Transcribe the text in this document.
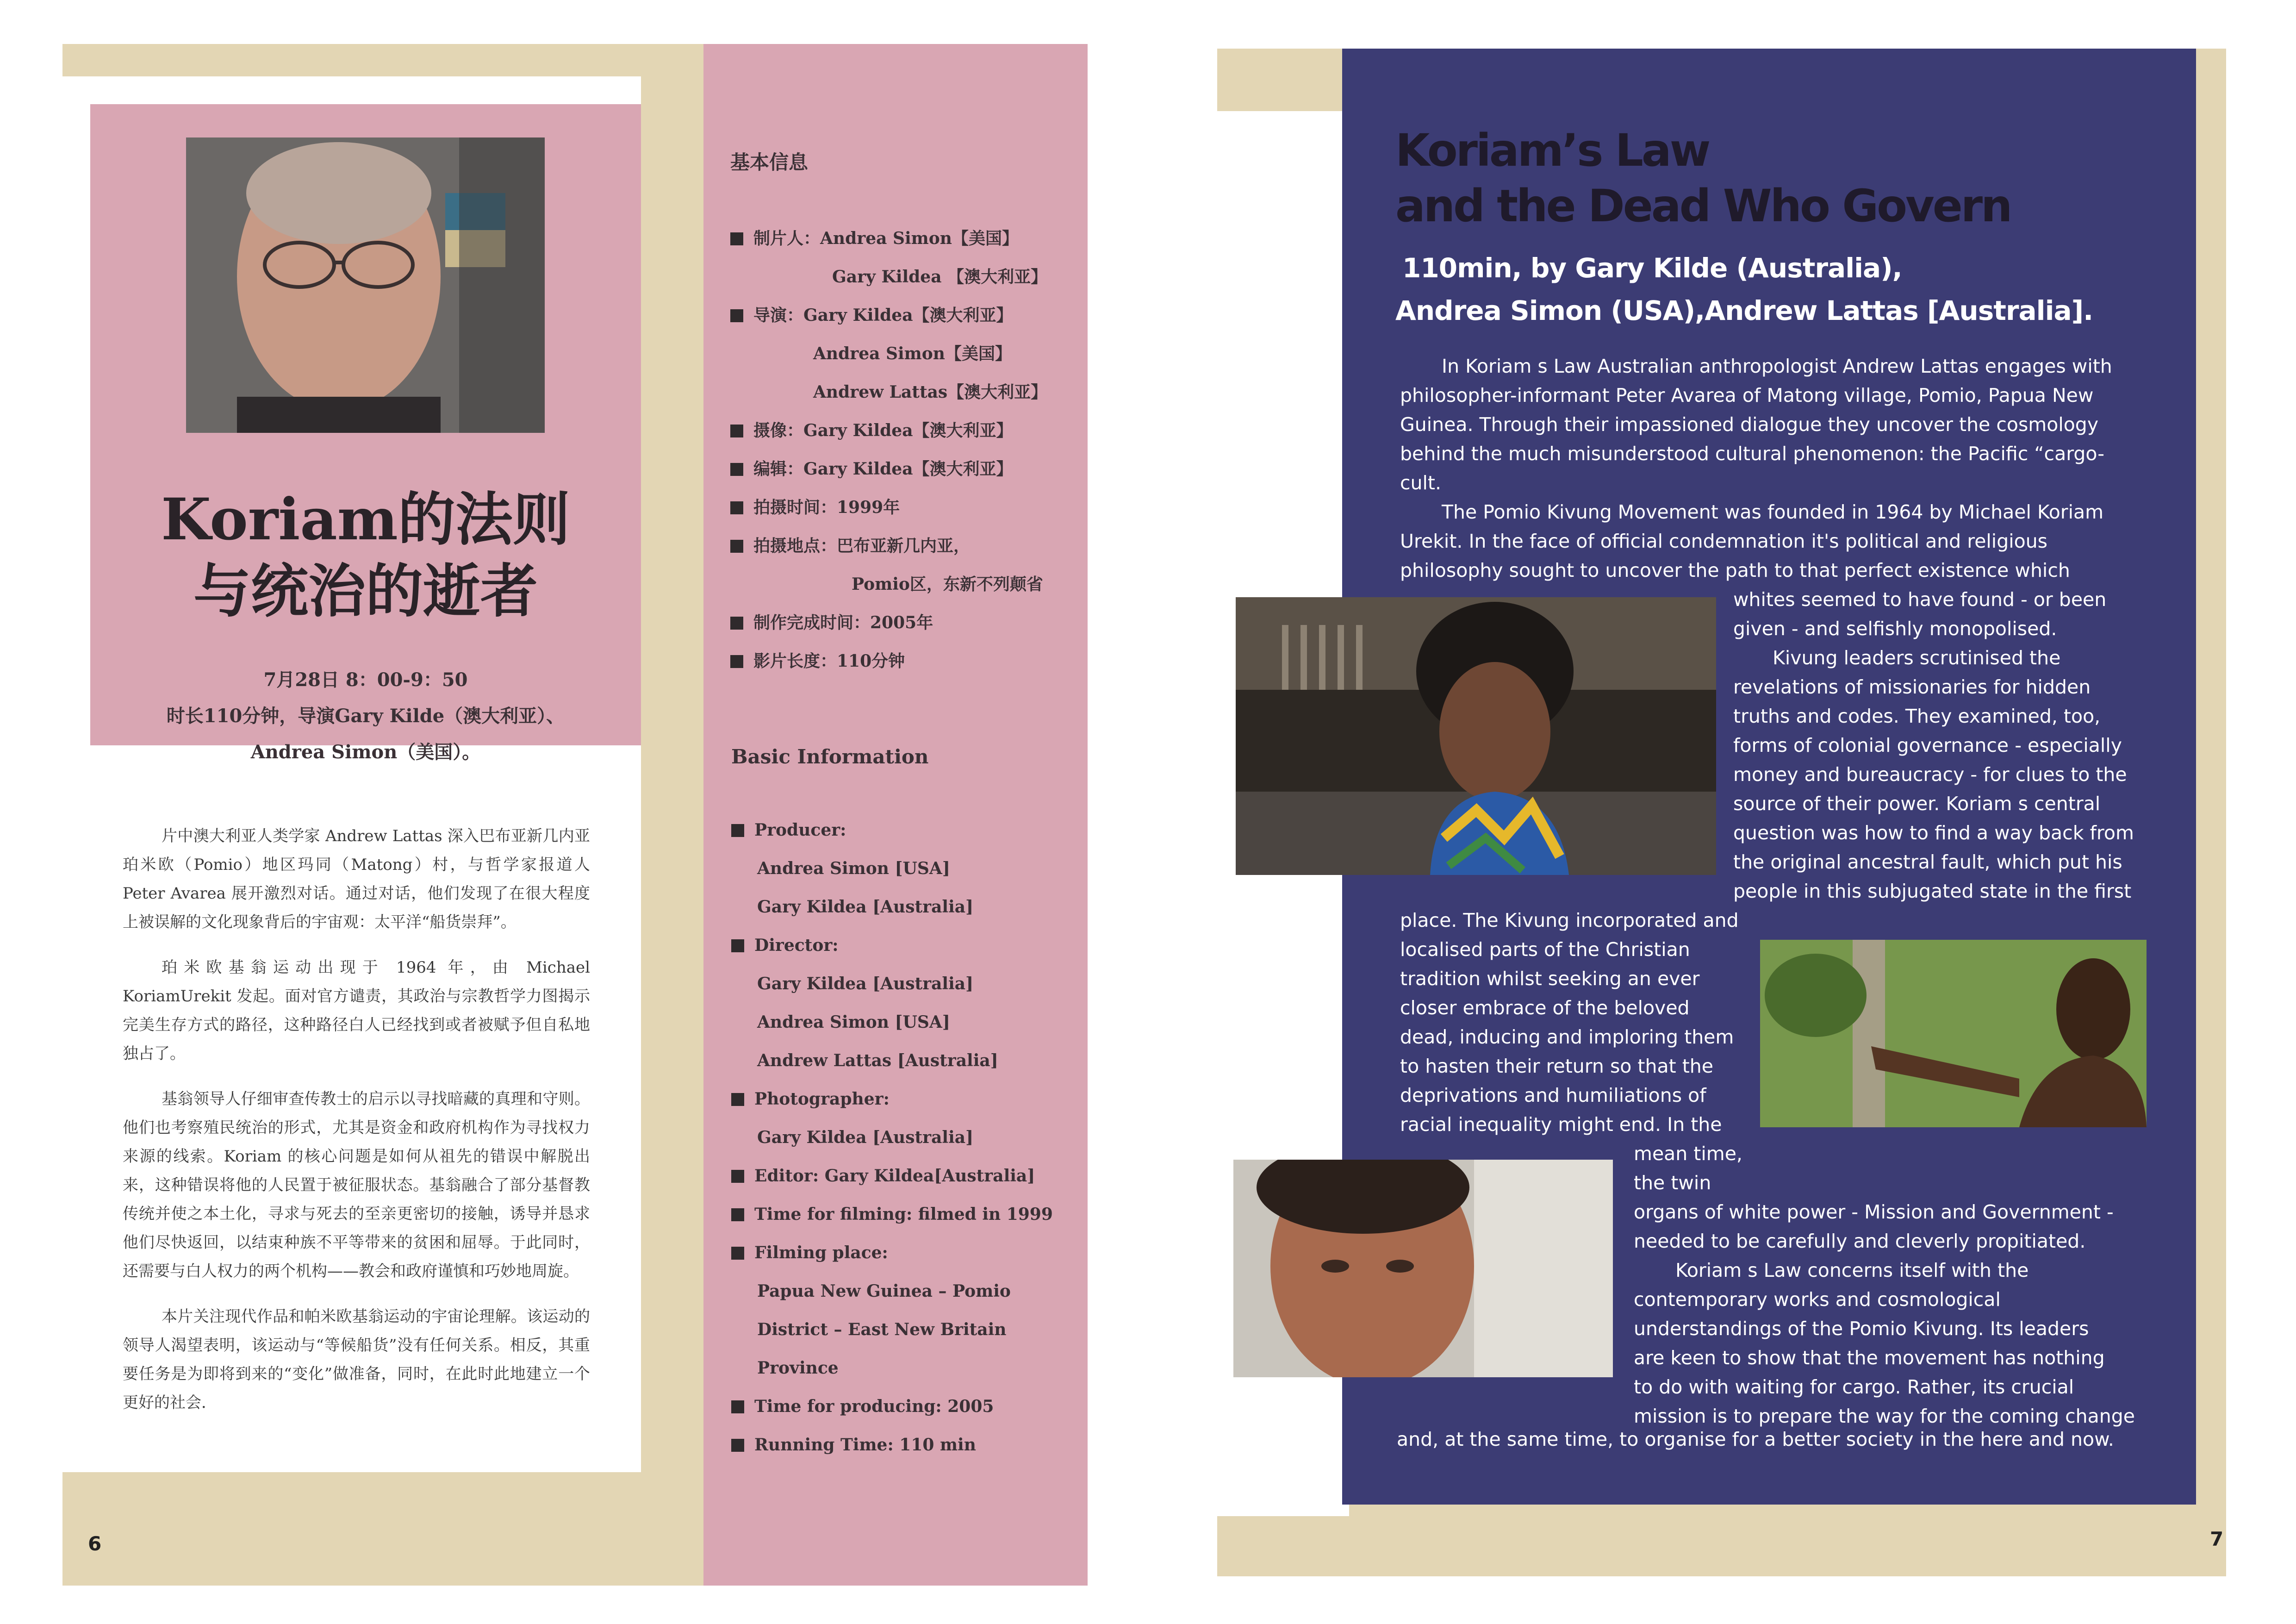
Koriam的法则
与统治的逝者
7月28日 8：00-9：50
时长110分钟，导演Gary Kilde（澳大利亚）、
Andrea Simon（美国）。

片中澳大利亚人类学家 Andrew Lattas 深入巴布亚新几内亚珀米欧（Pomio）地区玛同（Matong）村，与哲学家报道人 Peter Avarea 展开激烈对话。通过对话，他们发现了在很大程度上被误解的文化现象背后的宇宙观：太平洋“船货崇拜”。

珀米欧基翁运动出现于 1964 年，由 Michael KoriamUrekit 发起。面对官方谴责，其政治与宗教哲学力图揭示完美生存方式的路径，这种路径白人已经找到或者被赋予但自私地独占了。

基翁领导人仔细审查传教士的启示以寻找暗藏的真理和守则。他们也考察殖民统治的形式，尤其是资金和政府机构作为寻找权力来源的线索。Koriam 的核心问题是如何从祖先的错误中解脱出来，这种错误将他的人民置于被征服状态。基翁融合了部分基督教传统并使之本土化，寻求与死去的至亲更密切的接触，诱导并恳求他们尽快返回，以结束种族不平等带来的贫困和屈辱。于此同时，还需要与白人权力的两个机构——教会和政府谨慎和巧妙地周旋。

本片关注现代作品和帕米欧基翁运动的宇宙论理解。该运动的领导人渴望表明，该运动与“等候船货”没有任何关系。相反，其重要任务是为即将到来的“变化”做准备，同时，在此时此地建立一个更好的社会．

基本信息
制片人：Andrea Simon【美国】
Gary Kildea 【澳大利亚】
导演：Gary Kildea【澳大利亚】
Andrea Simon【美国】
Andrew Lattas【澳大利亚】
摄像：Gary Kildea【澳大利亚】
编辑：Gary Kildea【澳大利亚】
拍摄时间：1999年
拍摄地点：巴布亚新几内亚，
Pomio区，东新不列颠省
制作完成时间：2005年
影片长度：110分钟
Basic Information
Producer:
Andrea Simon [USA]
Gary Kildea [Australia]
Director:
Gary Kildea [Australia]
Andrea Simon [USA]
Andrew Lattas [Australia]
Photographer:
Gary Kildea [Australia]
Editor: Gary Kildea[Australia]
Time for filming: filmed in 1999
Filming place:
Papua New Guinea – Pomio
District – East New Britain
Province
Time for producing: 2005
Running Time: 110 min
6
Koriam’s Law
and the Dead Who Govern
110min, by Gary Kilde (Australia),
Andrea Simon (USA),Andrew Lattas [Australia].
In Koriam s Law Australian anthropologist Andrew Lattas engages with
philosopher-informant Peter Avarea of Matong village, Pomio, Papua New
Guinea. Through their impassioned dialogue they uncover the cosmology
behind the much misunderstood cultural phenomenon: the Pacific “cargo-
cult.
The Pomio Kivung Movement was founded in 1964 by Michael Koriam
Urekit. In the face of official condemnation it's political and religious
philosophy sought to uncover the path to that perfect existence which
whites seemed to have found - or been
given - and selfishly monopolised.
Kivung leaders scrutinised the
revelations of missionaries for hidden
truths and codes. They examined, too,
forms of colonial governance - especially
money and bureaucracy - for clues to the
source of their power. Koriam s central
question was how to find a way back from
the original ancestral fault, which put his
people in this subjugated state in the first
place. The Kivung incorporated and
localised parts of the Christian
tradition whilst seeking an ever
closer embrace of the beloved
dead, inducing and imploring them
to hasten their return so that the
deprivations and humiliations of
racial inequality might end. In the
mean time,
the twin
organs of white power - Mission and Government -
needed to be carefully and cleverly propitiated.
Koriam s Law concerns itself with the
contemporary works and cosmological
understandings of the Pomio Kivung. Its leaders
are keen to show that the movement has nothing
to do with waiting for cargo. Rather, its crucial
mission is to prepare the way for the coming change
and, at the same time, to organise for a better society in the here and now.
7
